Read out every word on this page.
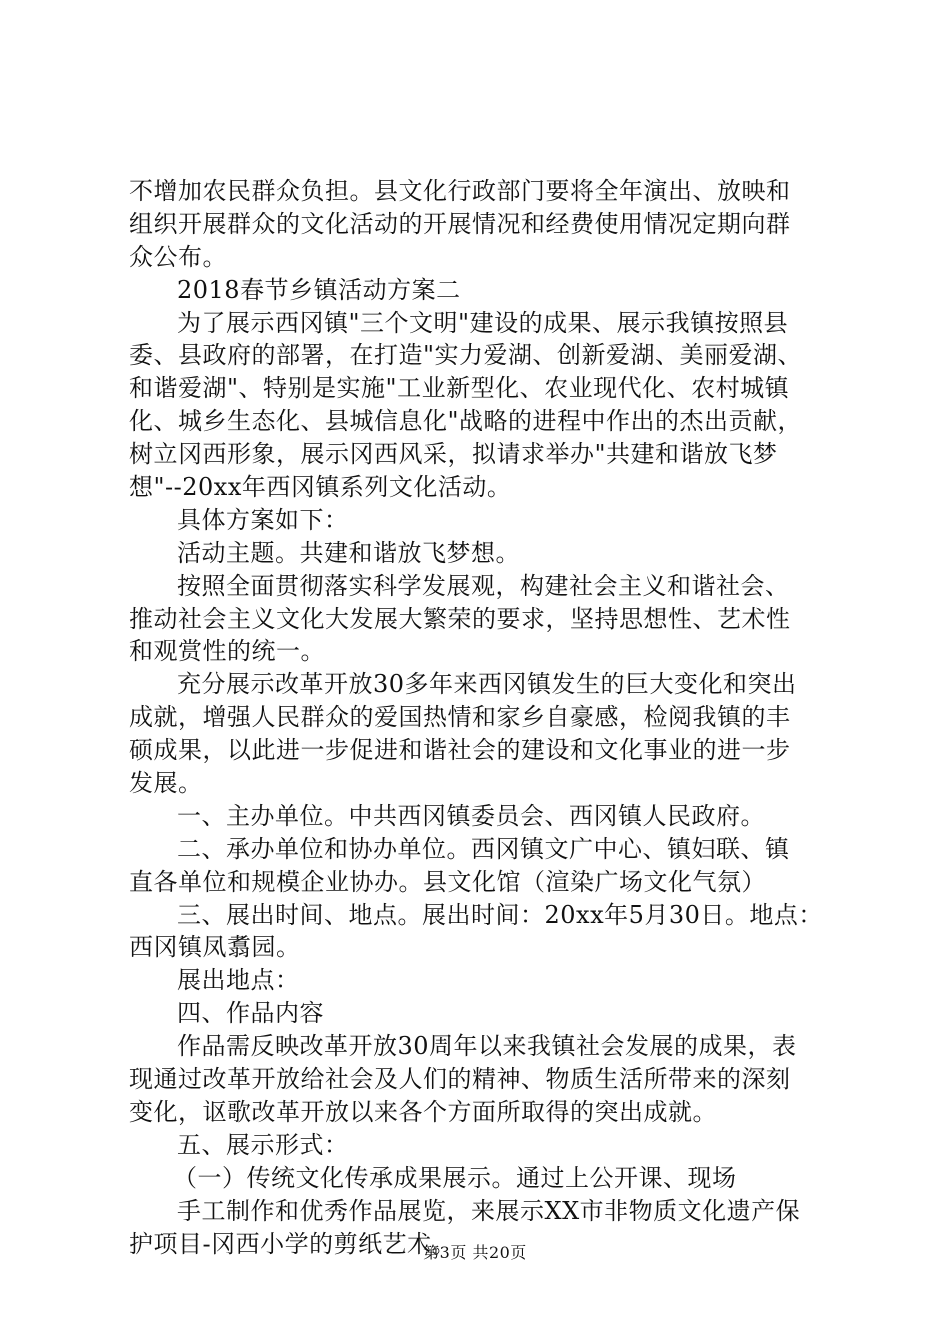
不增加农民群众负担。县文化行政部门要将全年演出、放映和
组织开展群众的文化活动的开展情况和经费使用情况定期向群
众公布。
2018春节乡镇活动方案二
为了展示西冈镇"三个文明"建设的成果、展示我镇按照县
委、县政府的部署，在打造"实力爱湖、创新爱湖、美丽爱湖、
和谐爱湖"、特别是实施"工业新型化、农业现代化、农村城镇
化、城乡生态化、县城信息化"战略的进程中作出的杰出贡献，
树立冈西形象，展示冈西风采，拟请求举办"共建和谐放飞梦
想"--20xx年西冈镇系列文化活动。
具体方案如下：
活动主题。共建和谐放飞梦想。
按照全面贯彻落实科学发展观，构建社会主义和谐社会、
推动社会主义文化大发展大繁荣的要求，坚持思想性、艺术性
和观赏性的统一。
充分展示改革开放30多年来西冈镇发生的巨大变化和突出
成就，增强人民群众的爱国热情和家乡自豪感，检阅我镇的丰
硕成果，以此进一步促进和谐社会的建设和文化事业的进一步
发展。
一、主办单位。中共西冈镇委员会、西冈镇人民政府。
二、承办单位和协办单位。西冈镇文广中心、镇妇联、镇
直各单位和规模企业协办。县文化馆（渲染广场文化气氛）
三、展出时间、地点。展出时间：20xx年5月30日。地点：
西冈镇凤翥园。
展出地点：
四、作品内容
作品需反映改革开放30周年以来我镇社会发展的成果，表
现通过改革开放给社会及人们的精神、物质生活所带来的深刻
变化，讴歌改革开放以来各个方面所取得的突出成就。
五、展示形式：
（一）传统文化传承成果展示。通过上公开课、现场
手工制作和优秀作品展览，来展示XX市非物质文化遗产保
护项目-冈西小学的剪纸艺术。
第3页 共20页
